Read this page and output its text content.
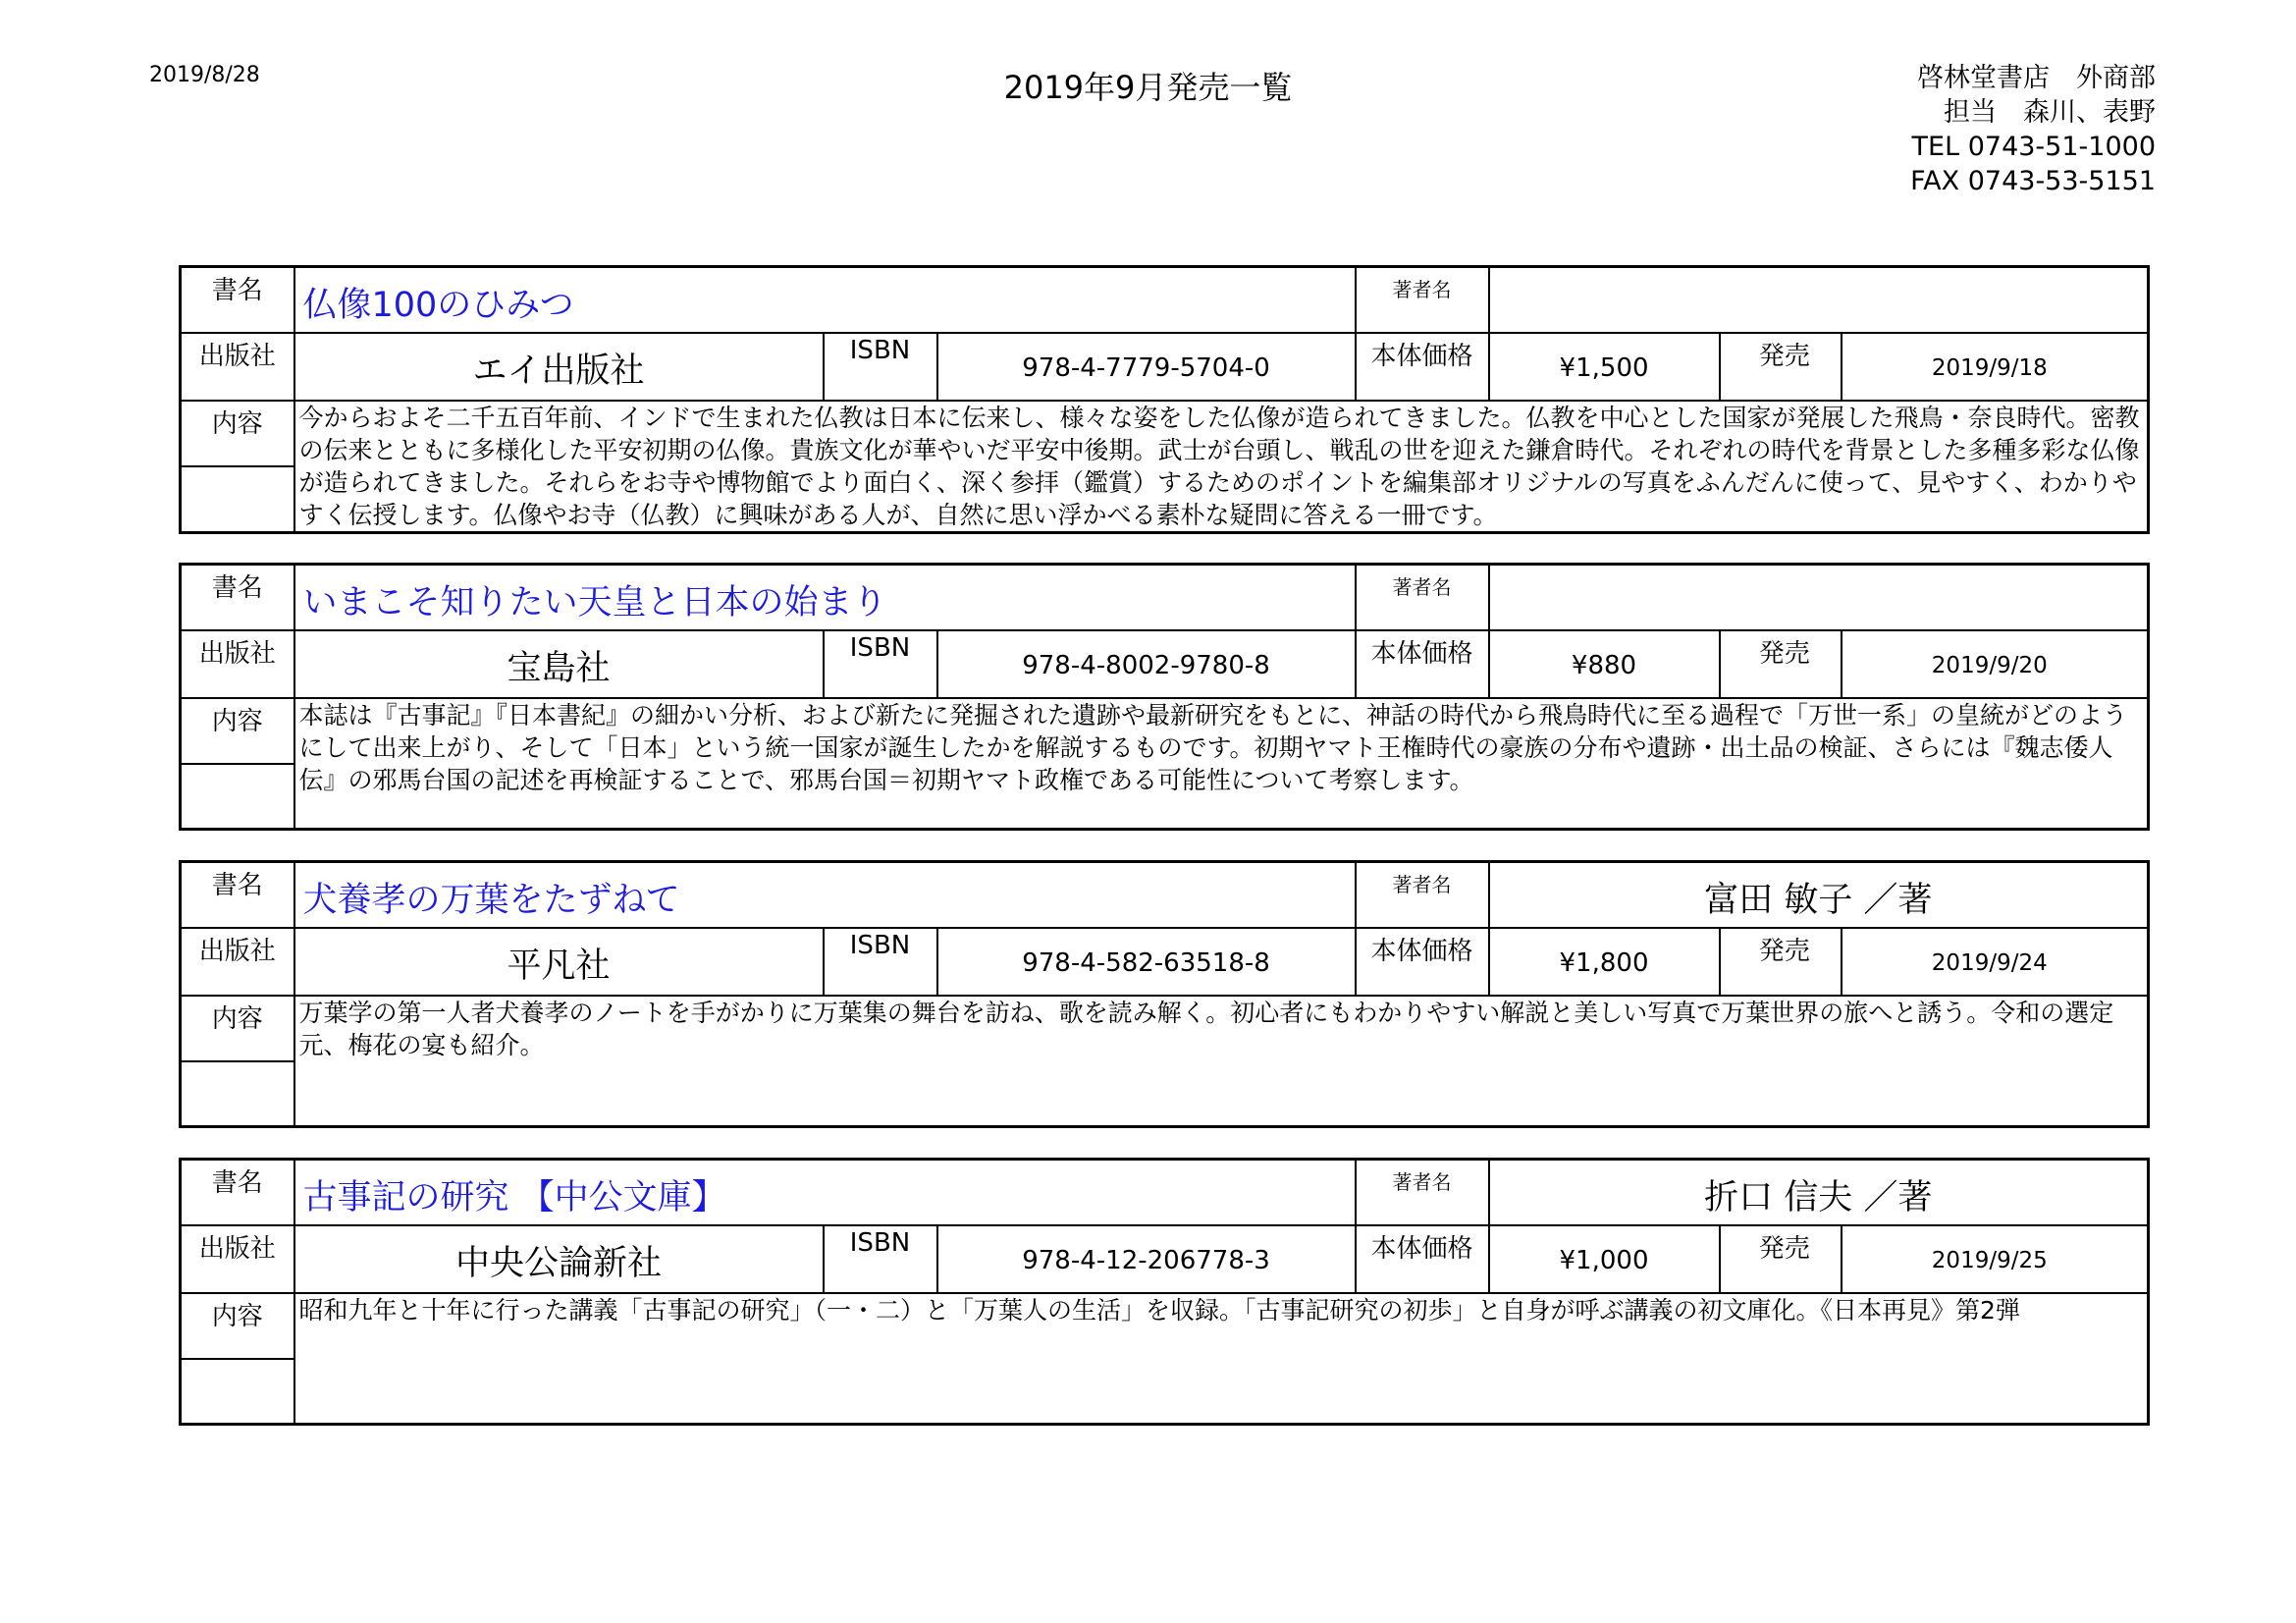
2019/8/28	2019年9月発売一覧	啓林堂書店　外商部
担当　森川、表野
TEL 0743-51-1000
FAX 0743-53-5151
書名	仏像100のひみつ			著者名		
出版社	エイ出版社	ISBN	978-4-7779-5704-0	本体価格	¥1,500	発売 2019/9/18

内容	今からおよそ二千五百年前、インドで生まれた仏教は日本に伝来し、様々な姿をした仏像が造られてきました。仏教を中心とした国家が発展した飛鳥・奈良時代。密教の伝来とともに多様化した平安初期の仏像。貴族文化が華やいだ平安中後期。武士が台頭し、戦乱の世を迎えた鎌倉時代。それぞれの時代を背景とした多種多彩な仏像が造られてきました。それらをお寺や博物館でより面白く、深く参拝（鑑賞）するためのポイントを編集部オリジナルの写真をふんだんに使って、見やすく、わかりやすく伝授します。仏像やお寺（仏教）に興味がある人が、自然に思い浮かべる素朴な疑問に答える一冊です。					
書名	いまこそ知りたい天皇と日本の始まり			著者名		
出版社	宝島社	ISBN	978-4-8002-9780-8	本体価格	¥880	発売 2019/9/20

内容	本誌は『古事記』『日本書紀』の細かい分析、および新たに発掘された遺跡や最新研究をもとに、神話の時代から飛鳥時代に至る過程で「万世一系」の皇統がどのようにして出来上がり、そして「日本」という統一国家が誕生したかを解説するものです。初期ヤマト王権時代の豪族の分布や遺跡・出土品の検証、さらには『魏志倭人伝』の邪馬台国の記述を再検証することで、邪馬台国＝初期ヤマト政権である可能性について考察します。					
書名	犬養孝の万葉をたずねて			著者名	富田 敏子 ／著	
出版社	平凡社	ISBN	978-4-582-63518-8	本体価格	¥1,800	発売 2019/9/24

内容	万葉学の第一人者犬養孝のノートを手がかりに万葉集の舞台を訪ね、歌を読み解く。初心者にもわかりやすい解説と美しい写真で万葉世界の旅へと誘う。令和の選定元、梅花の宴も紹介。					
書名	古事記の研究 【中公文庫】			著者名	折口 信夫 ／著	
出版社	中央公論新社	ISBN	978-4-12-206778-3	本体価格	¥1,000	発売 2019/9/25

内容	昭和九年と十年に行った講義「古事記の研究」（一・二）と「万葉人の生活」を収録。「古事記研究の初歩」と自身が呼ぶ講義の初文庫化。《日本再見》第2弾					
